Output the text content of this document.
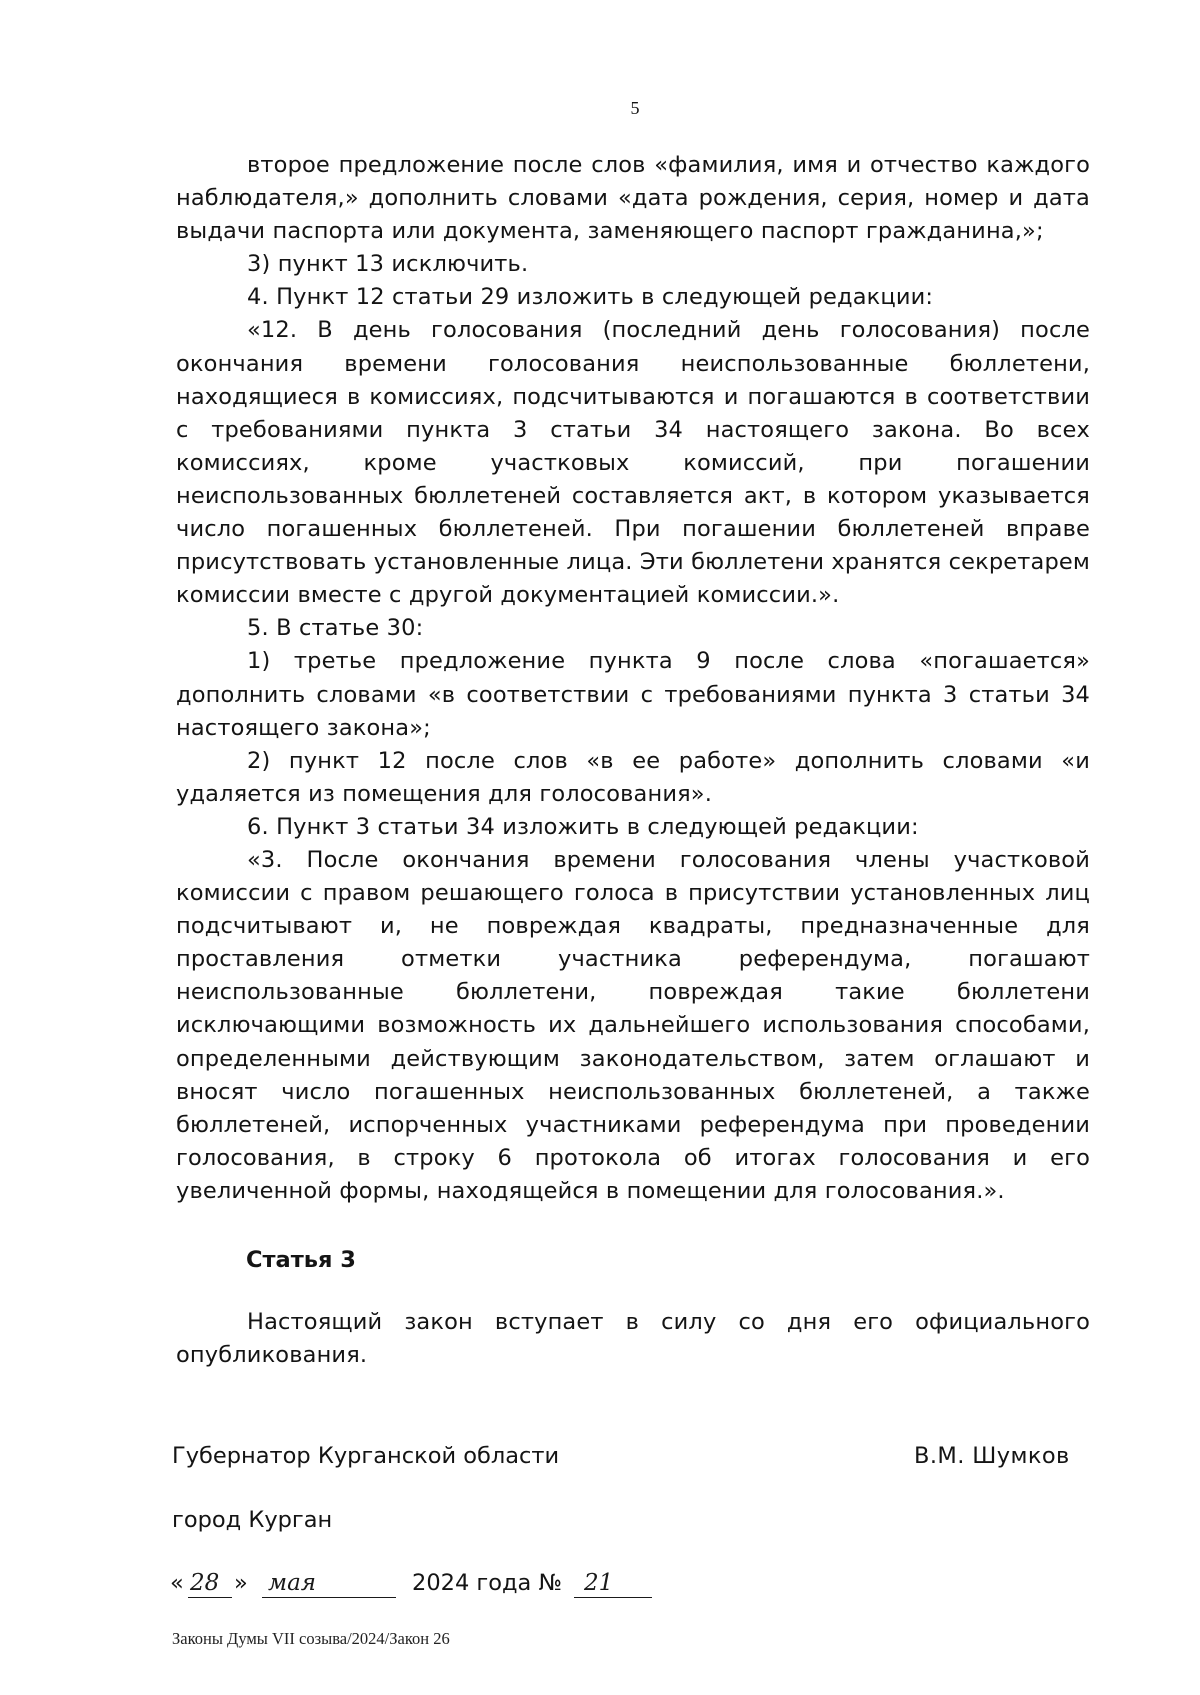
5

второе предложение после слов «фамилия, имя и отчество каждого наблюдателя,» дополнить словами «дата рождения, серия, номер и дата выдачи паспорта или документа, заменяющего паспорт гражданина,»;

3) пункт 13 исключить.

4. Пункт 12 статьи 29 изложить в следующей редакции:

«12. В день голосования (последний день голосования) после окончания времени голосования неиспользованные бюллетени, находящиеся в комиссиях, подсчитываются и погашаются в соответствии с требованиями пункта 3 статьи 34 настоящего закона. Во всех комиссиях, кроме участковых комиссий, при погашении неиспользованных бюллетеней составляется акт, в котором указывается число погашенных бюллетеней. При погашении бюллетеней вправе присутствовать установленные лица. Эти бюллетени хранятся секретарем комиссии вместе с другой документацией комиссии.».

5. В статье 30:

1) третье предложение пункта 9 после слова «погашается» дополнить словами «в соответствии с требованиями пункта 3 статьи 34 настоящего закона»;

2) пункт 12 после слов «в ее работе» дополнить словами «и удаляется из помещения для голосования».

6. Пункт 3 статьи 34 изложить в следующей редакции:

«3. После окончания времени голосования члены участковой комиссии с правом решающего голоса в присутствии установленных лиц подсчитывают и, не повреждая квадраты, предназначенные для проставления отметки участника референдума, погашают неиспользованные бюллетени, повреждая такие бюллетени исключающими возможность их дальнейшего использования способами, определенными действующим законодательством, затем оглашают и вносят число погашенных неиспользованных бюллетеней, а также бюллетеней, испорченных участниками референдума при проведении голосования, в строку 6 протокола об итогах голосования и его увеличенной формы, находящейся в помещении для голосования.».

Статья 3

Настоящий закон вступает в силу со дня его официального опубликования.

Губернатор Курганской области	В.М. Шумков
город Курган
« 28 » мая	2024 года № 21
Законы Думы VII созыва/2024/Закон 26
